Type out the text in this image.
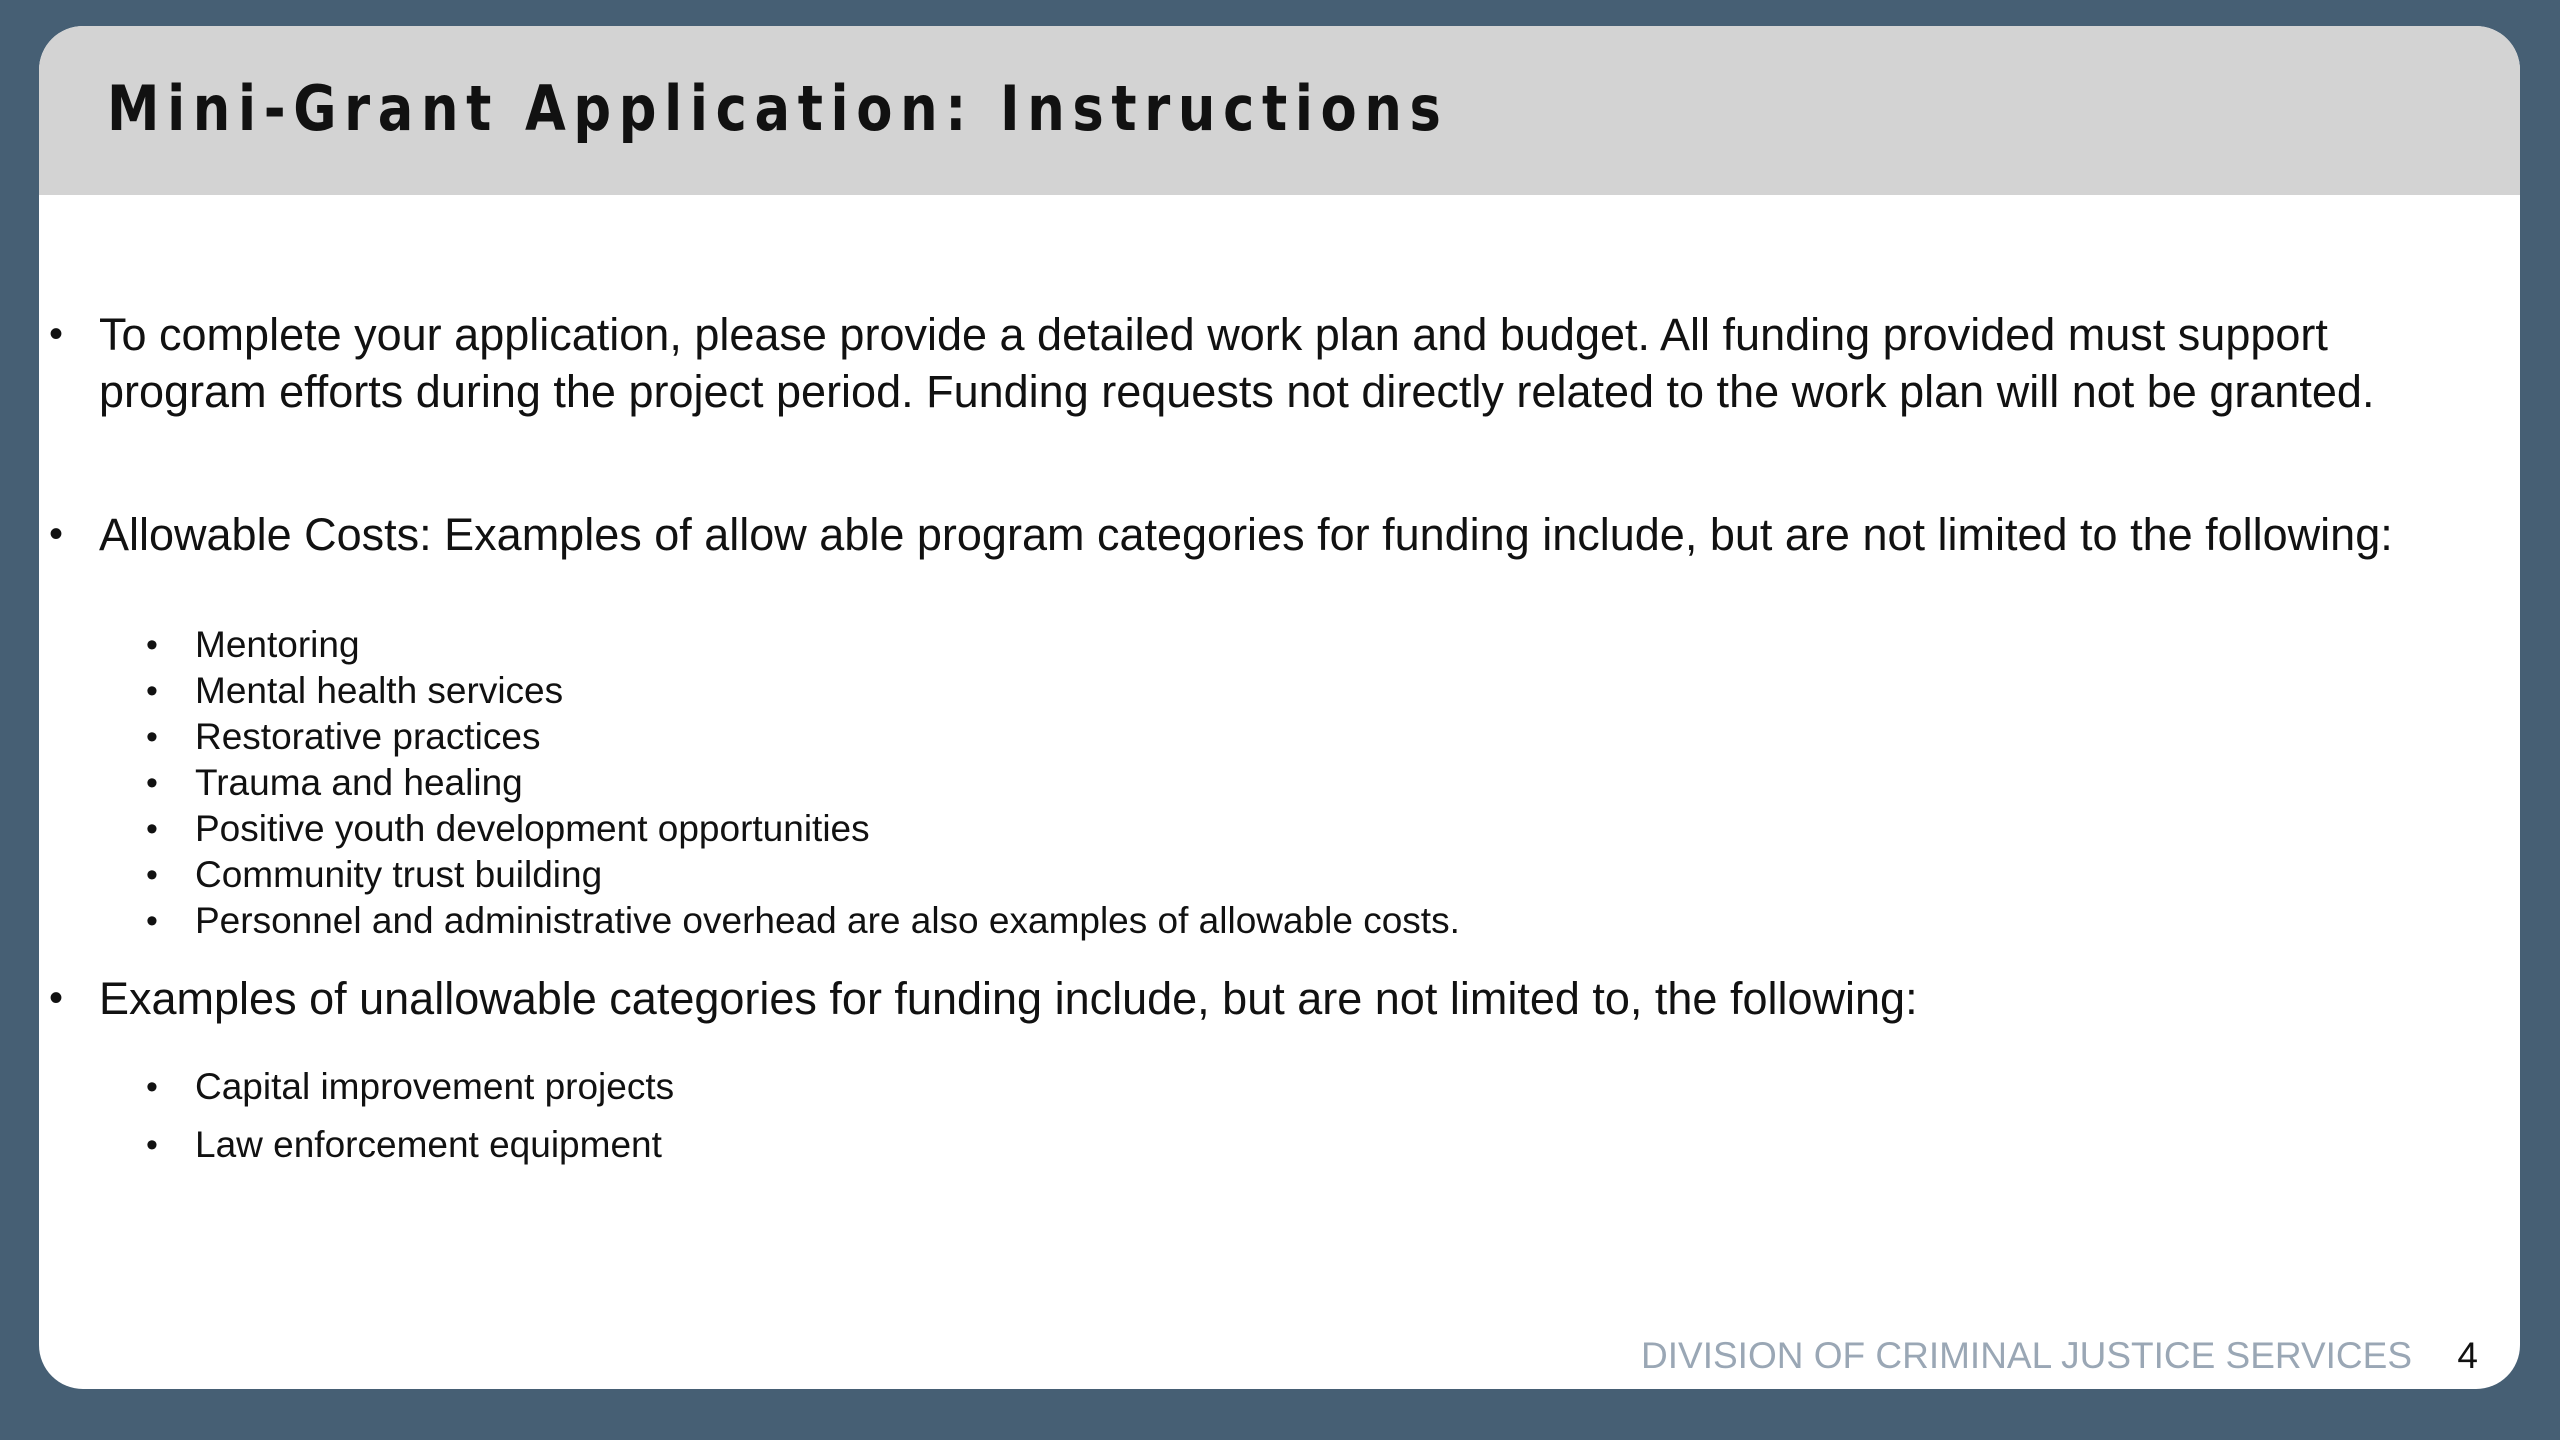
Mini-Grant Application: Instructions
• To complete your application, please provide a detailed work plan and budget. All funding provided must support program efforts during the project period. Funding requests not directly related to the work plan will not be granted.
• Allowable Costs: Examples of allow able program categories for funding include, but are not limited to the following:
• Mentoring
• Mental health services
• Restorative practices
• Trauma and healing
• Positive youth development opportunities
• Community trust building
• Personnel and administrative overhead are also examples of allowable costs.
• Examples of unallowable categories for funding include, but are not limited to, the following:
• Capital improvement projects
• Law enforcement equipment
DIVISION OF CRIMINAL JUSTICE SERVICES 4
